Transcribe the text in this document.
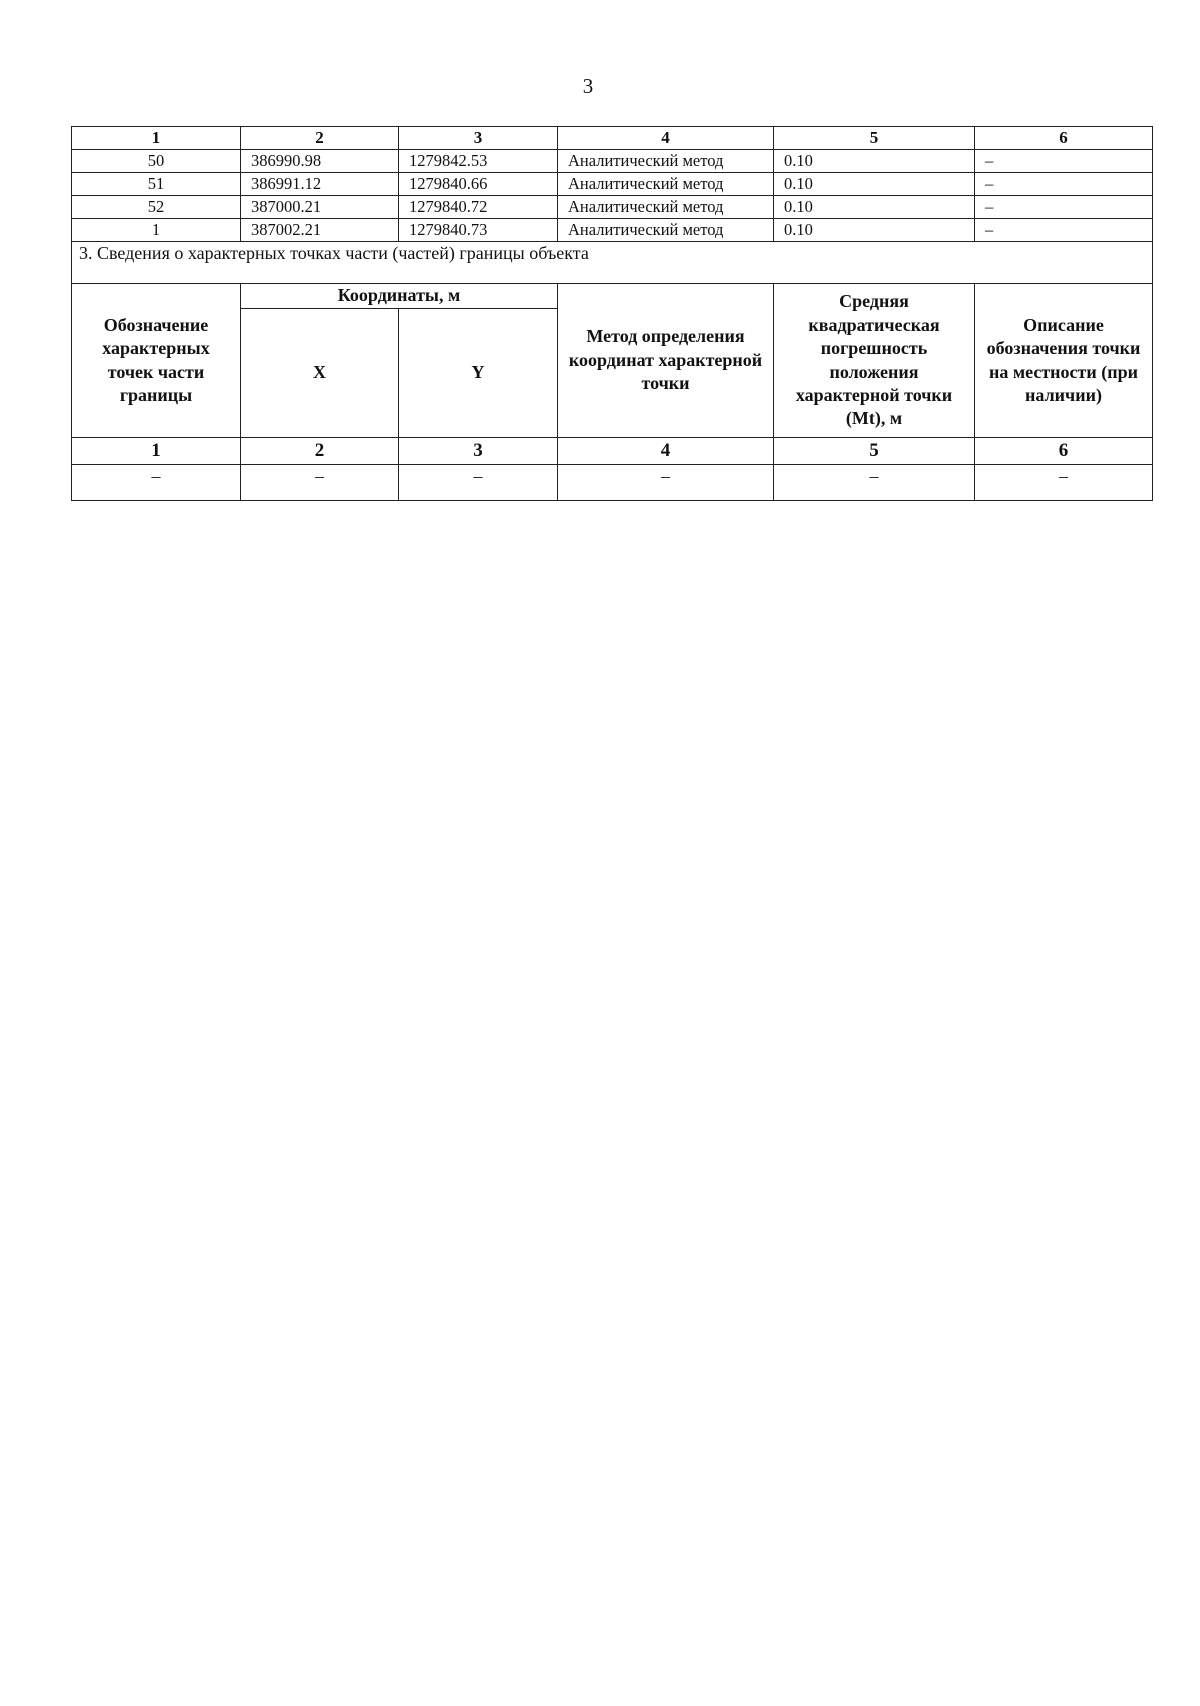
3
1	2	3	4	5	6
50	386990.98	1279842.53	Аналитический метод	0.10	–
51	386991.12	1279840.66	Аналитический метод	0.10	–
52	387000.21	1279840.72	Аналитический метод	0.10	–
1	387002.21	1279840.73	Аналитический метод	0.10	–
3. Сведения о характерных точках части (частей) границы объекта					
Обозначение характерных точек части границы	Координаты, м		Метод определения координат характерной точки	Средняя квадратическая погрешность положения характерной точки (Mt), м	Описание обозначения точки на местности (при наличии)
	X	Y			
1	2	3	4	5	6
–	–	–	–	–	–
